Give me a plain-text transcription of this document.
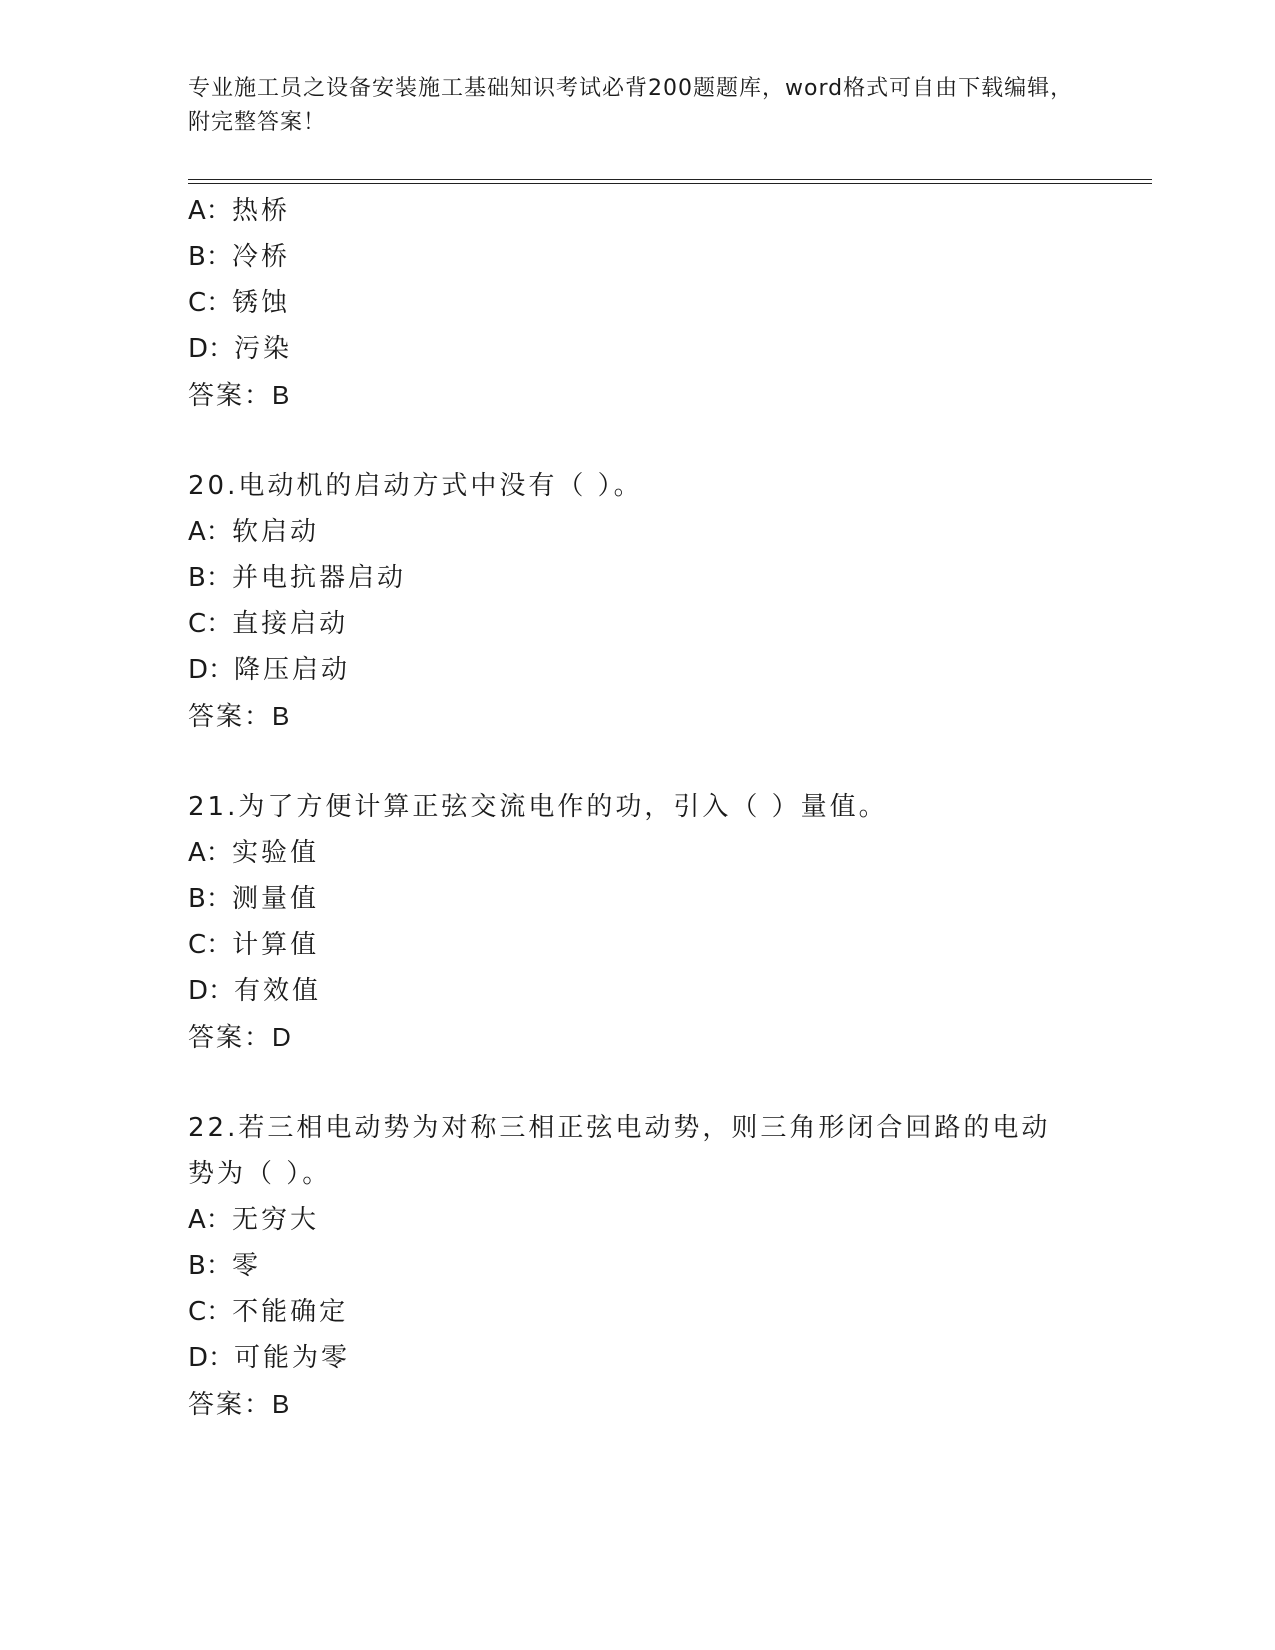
专业施工员之设备安装施工基础知识考试必背200题题库，word格式可自由下载编辑，附完整答案！
A：热桥
B：冷桥
C：锈蚀
D：污染
答案：B
20.电动机的启动方式中没有（ ）。
A：软启动
B：并电抗器启动
C：直接启动
D：降压启动
答案：B
21.为了方便计算正弦交流电作的功，引入（ ）量值。
A：实验值
B：测量值
C：计算值
D：有效值
答案：D
22.若三相电动势为对称三相正弦电动势，则三角形闭合回路的电动势为（ ）。
A：无穷大
B：零
C：不能确定
D：可能为零
答案：B
